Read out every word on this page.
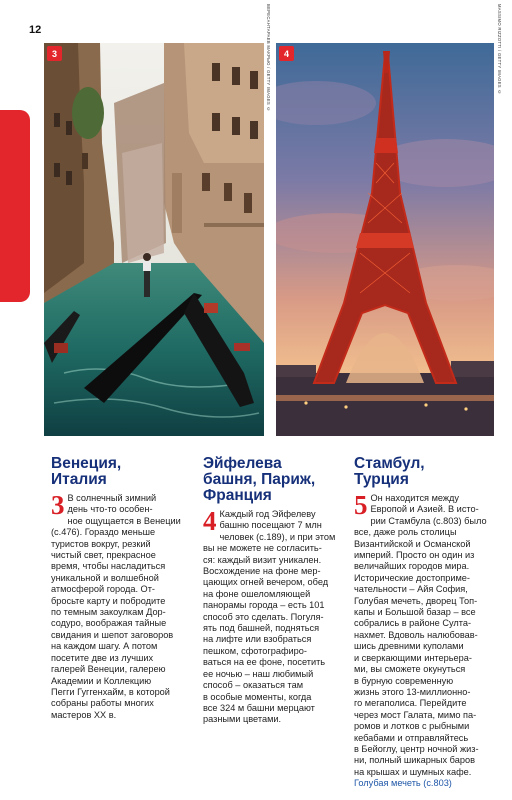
12
3	ВЕРЕСАНТАРАЕВ МАКРЬЮ / GETTY IMAGES ©	4	MASSIMO RIZZOTTI / GETTY IMAGES ©
Венеция,
Италия
3 В солнечный зимний
день что-то особен-
ное ощущается в Венеции
(с.476). Гораздо меньше
туристов вокруг, резкий
чистый свет, прекрасное
время, чтобы насладиться
уникальной и волшебной
атмосферой города. От-
бросьте карту и побродите
по темным закоулкам Дор-
содуро, воображая тайные
свидания и шепот заговоров
на каждом шагу. А потом
посетите две из лучших
галерей Венеции, галерею
Академии и Коллекцию
Пегги Гуггенхайм, в которой
собраны работы многих
мастеров XX в.
Эйфелева
башня, Париж,
Франция
4 Каждый год Эйфелеву
башню посещают 7 млн
человек (с.189), и при этом
вы не можете не согласить-
ся: каждый визит уникален.
Восхождение на фоне мер-
цающих огней вечером, обед
на фоне ошеломляющей
панорамы города – есть 101
способ это сделать. Погуля-
ять под башней, подняться
на лифте или взобраться
пешком, сфотографиро-
ваться на ее фоне, посетить
ее ночью – наш любимый
способ – оказаться там
в особые моменты, когда
все 324 м башни мерцают
разными цветами.
Стамбул,
Турция
5 Он находится между
Европой и Азией. В исто-
рии Стамбула (с.803) было
все, даже роль столицы
Византийской и Османской
империй. Просто он один из
величайших городов мира.
Исторические достоприме-
чательности – Айя София,
Голубая мечеть, дворец Топ-
капы и Большой базар – все
собрались в районе Султа-
нахмет. Вдоволь налюбовав-
шись древними куполами
и сверкающими интерьера-
ми, вы сможете окунуться
в бурную современную
жизнь этого 13-миллионно-
го мегаполиса. Перейдите
через мост Галата, мимо па-
ромов и лотков с рыбными
кебабами и отправляйтесь
в Бейоглу, центр ночной жиз-
ни, полный шикарных баров
на крышах и шумных кафе.
Голубая мечеть (с.803)
